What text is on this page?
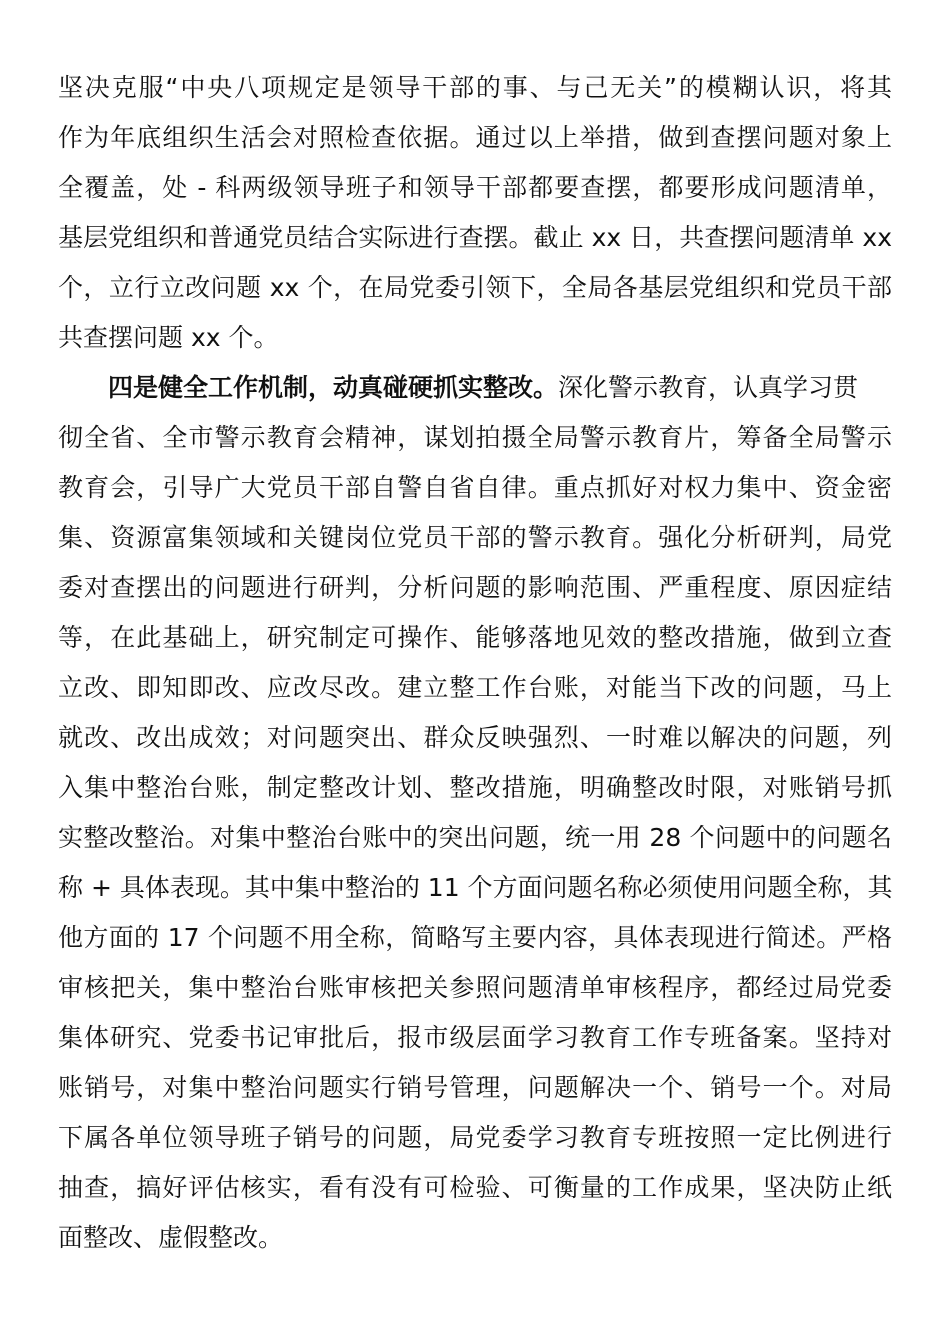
坚决克服“中央八项规定是领导干部的事、与己无关”的模糊认识，将其

作为年底组织生活会对照检查依据。通过以上举措，做到查摆问题对象上

全覆盖，处 - 科两级领导班子和领导干部都要查摆，都要形成问题清单，

基层党组织和普通党员结合实际进行查摆。截止 xx 日，共查摆问题清单 xx

个，立行立改问题 xx 个，在局党委引领下，全局各基层党组织和党员干部

共查摆问题 xx 个。

四是健全工作机制，动真碰硬抓实整改。深化警示教育，认真学习贯

彻全省、全市警示教育会精神，谋划拍摄全局警示教育片，筹备全局警示

教育会，引导广大党员干部自警自省自律。重点抓好对权力集中、资金密

集、资源富集领域和关键岗位党员干部的警示教育。强化分析研判，局党

委对查摆出的问题进行研判，分析问题的影响范围、严重程度、原因症结

等，在此基础上，研究制定可操作、能够落地见效的整改措施，做到立查

立改、即知即改、应改尽改。建立整工作台账，对能当下改的问题，马上

就改、改出成效；对问题突出、群众反映强烈、一时难以解决的问题，列

入集中整治台账，制定整改计划、整改措施，明确整改时限，对账销号抓

实整改整治。对集中整治台账中的突出问题，统一用 28 个问题中的问题名

称 + 具体表现。其中集中整治的 11 个方面问题名称必须使用问题全称，其

他方面的 17 个问题不用全称，简略写主要内容，具体表现进行简述。严格

审核把关，集中整治台账审核把关参照问题清单审核程序，都经过局党委

集体研究、党委书记审批后，报市级层面学习教育工作专班备案。坚持对

账销号，对集中整治问题实行销号管理，问题解决一个、销号一个。对局

下属各单位领导班子销号的问题，局党委学习教育专班按照一定比例进行

抽查，搞好评估核实，看有没有可检验、可衡量的工作成果，坚决防止纸

面整改、虚假整改。
